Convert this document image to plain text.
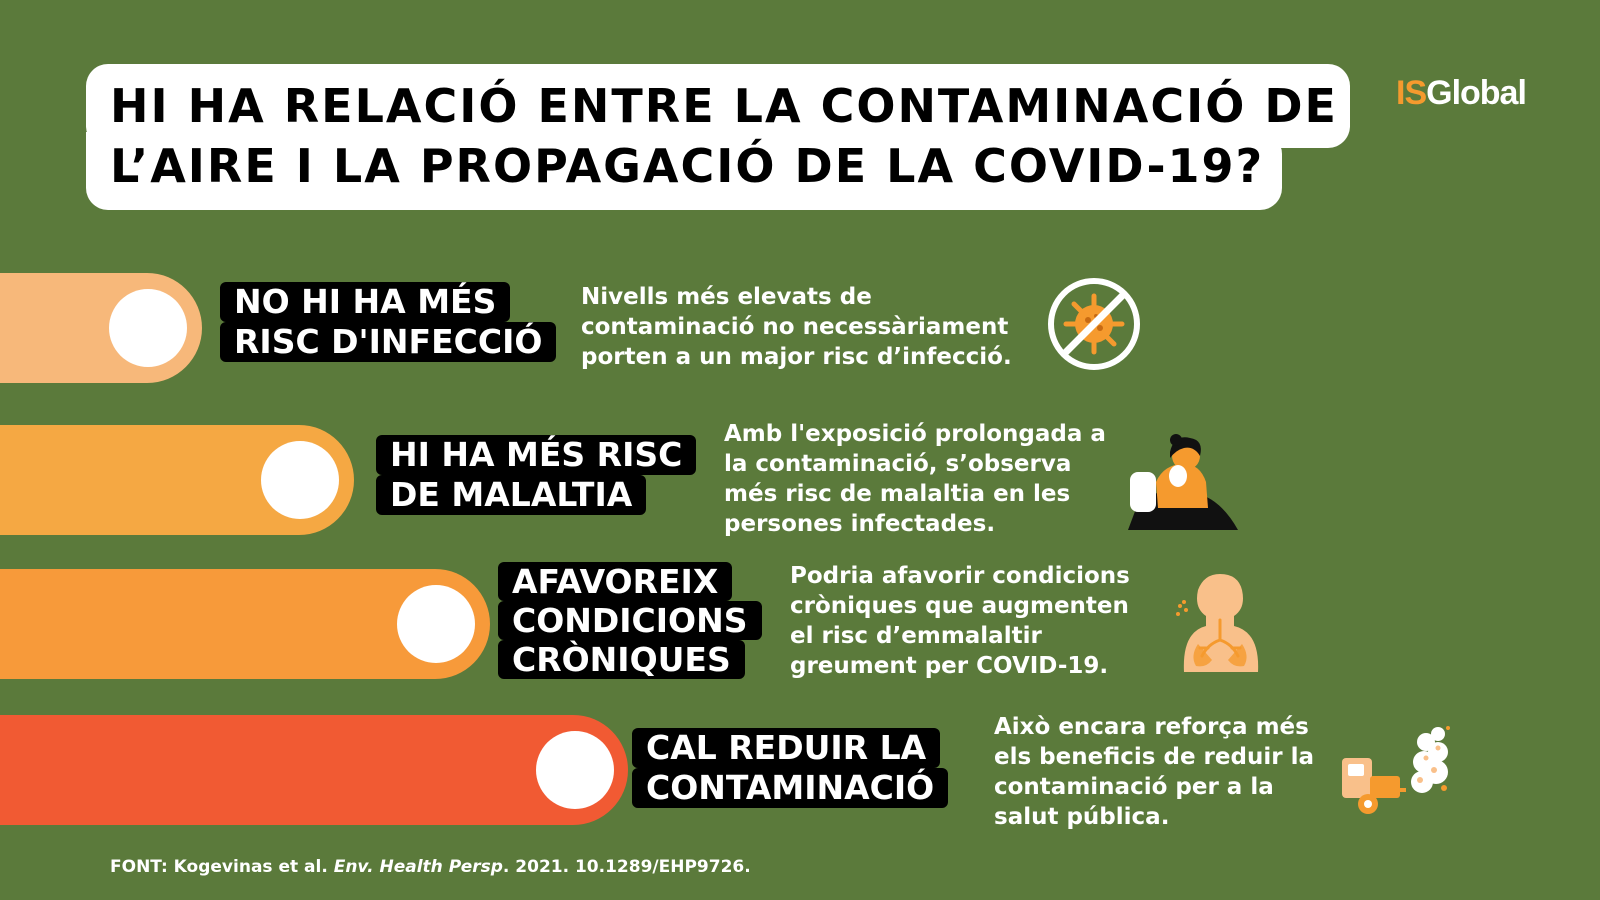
HI HA RELACIÓ ENTRE LA CONTAMINACIÓ DE
L’AIRE I LA PROPAGACIÓ DE LA COVID-19?
ISGlobal
NO HI HA MÉS
RISC D'INFECCIÓ
Nivells més elevats de
contaminació no necessàriament
porten a un major risc d’infecció.
HI HA MÉS RISC
DE MALALTIA
Amb l'exposició prolongada a
la contaminació, s’observa
més risc de malaltia en les
persones infectades.
AFAVOREIX
CONDICIONS
CRÒNIQUES
Podria afavorir condicions
cròniques que augmenten
el risc d’emmalaltir
greument per COVID-19.
CAL REDUIR LA
CONTAMINACIÓ
Això encara reforça més
els beneficis de reduir la
contaminació per a la
salut pública.
FONT: Kogevinas et al. Env. Health Persp. 2021. 10.1289/EHP9726.
